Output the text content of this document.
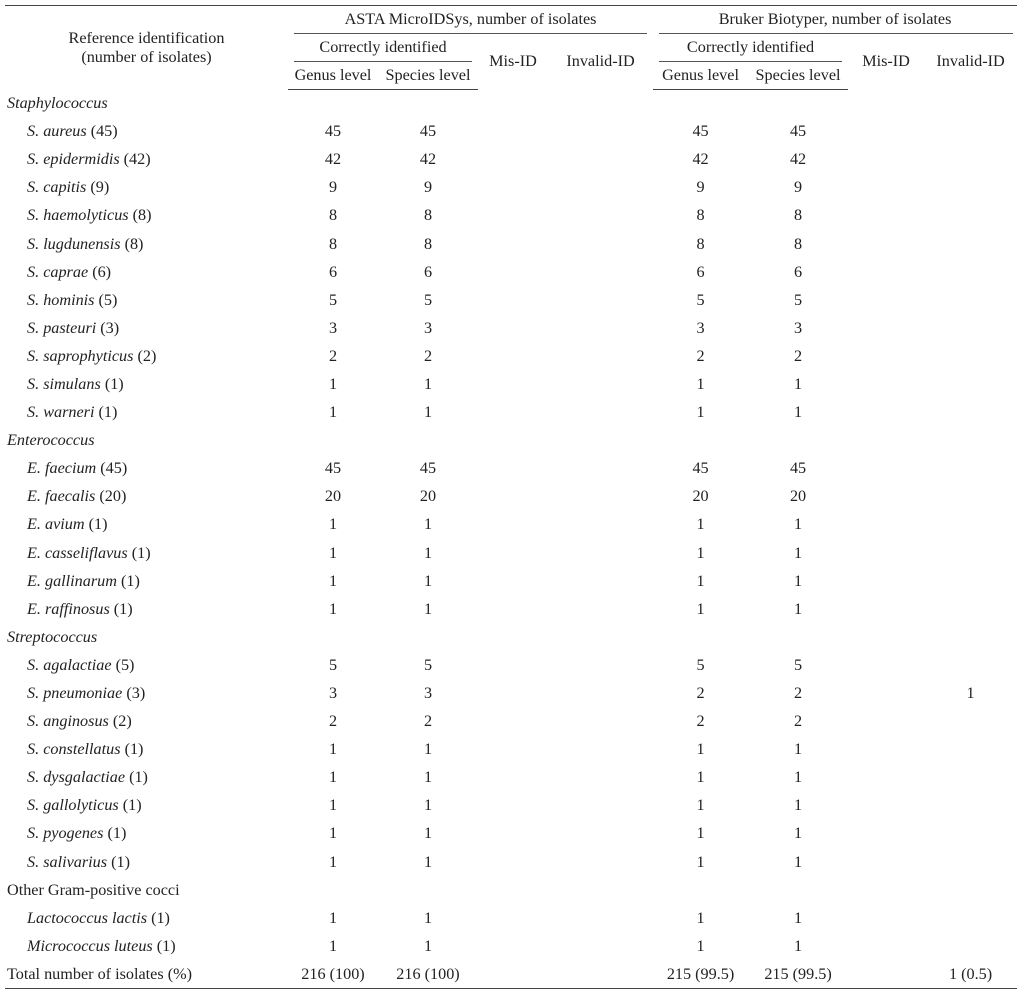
Reference identification
(number of isolates)	ASTA MicroIDSys, number of isolates				Bruker Biotyper, number of isolates			
	Correctly identified		Mis-ID	Invalid-ID	Correctly identified		Mis-ID	Invalid-ID
	Genus level	Species level			Genus level	Species level		
Staphylococcus								
S. aureus (45)	45	45			45	45		
S. epidermidis (42)	42	42			42	42		
S. capitis (9)	9	9			9	9		
S. haemolyticus (8)	8	8			8	8		
S. lugdunensis (8)	8	8			8	8		
S. caprae (6)	6	6			6	6		
S. hominis (5)	5	5			5	5		
S. pasteuri (3)	3	3			3	3		
S. saprophyticus (2)	2	2			2	2		
S. simulans (1)	1	1			1	1		
S. warneri (1)	1	1			1	1		
Enterococcus								
E. faecium (45)	45	45			45	45		
E. faecalis (20)	20	20			20	20		
E. avium (1)	1	1			1	1		
E. casseliflavus (1)	1	1			1	1		
E. gallinarum (1)	1	1			1	1		
E. raffinosus (1)	1	1			1	1		
Streptococcus								
S. agalactiae (5)	5	5			5	5		
S. pneumoniae (3)	3	3			2	2		1
S. anginosus (2)	2	2			2	2		
S. constellatus (1)	1	1			1	1		
S. dysgalactiae (1)	1	1			1	1		
S. gallolyticus (1)	1	1			1	1		
S. pyogenes (1)	1	1			1	1		
S. salivarius (1)	1	1			1	1		
Other Gram-positive cocci								
Lactococcus lactis (1)	1	1			1	1		
Micrococcus luteus (1)	1	1			1	1		
Total number of isolates (%)	216 (100)	216 (100)			215 (99.5)	215 (99.5)		1 (0.5)
